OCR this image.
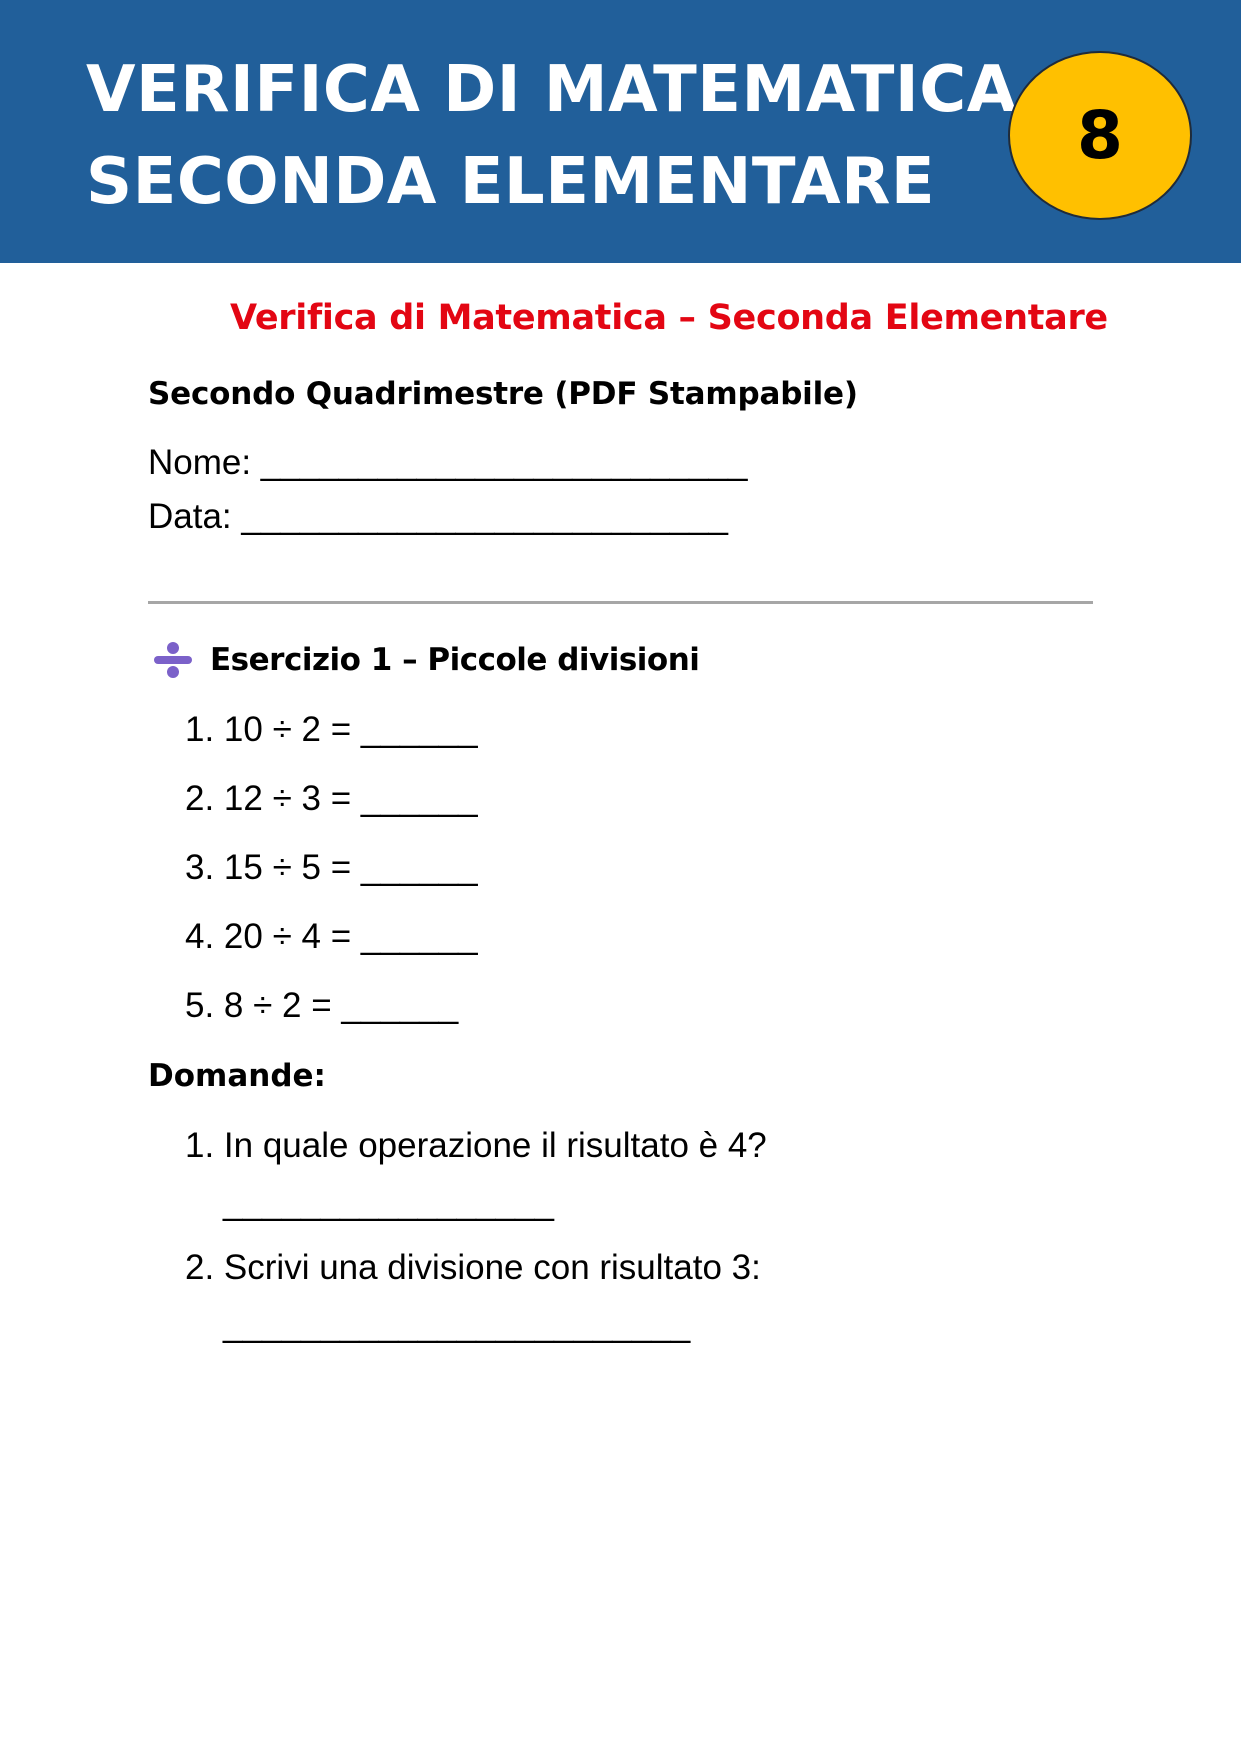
VERIFICA DI MATEMATICA
SECONDA ELEMENTARE
8
Verifica di Matematica – Seconda Elementare
Secondo Quadrimestre (PDF Stampabile)
Nome: _________________________
Data: _________________________
Esercizio 1 – Piccole divisioni
1. 10 ÷ 2 = ______
2. 12 ÷ 3 = ______
3. 15 ÷ 5 = ______
4. 20 ÷ 4 = ______
5. 8 ÷ 2 = ______
Domande:
1. In quale operazione il risultato è 4?
_________________
2. Scrivi una divisione con risultato 3:
________________________
